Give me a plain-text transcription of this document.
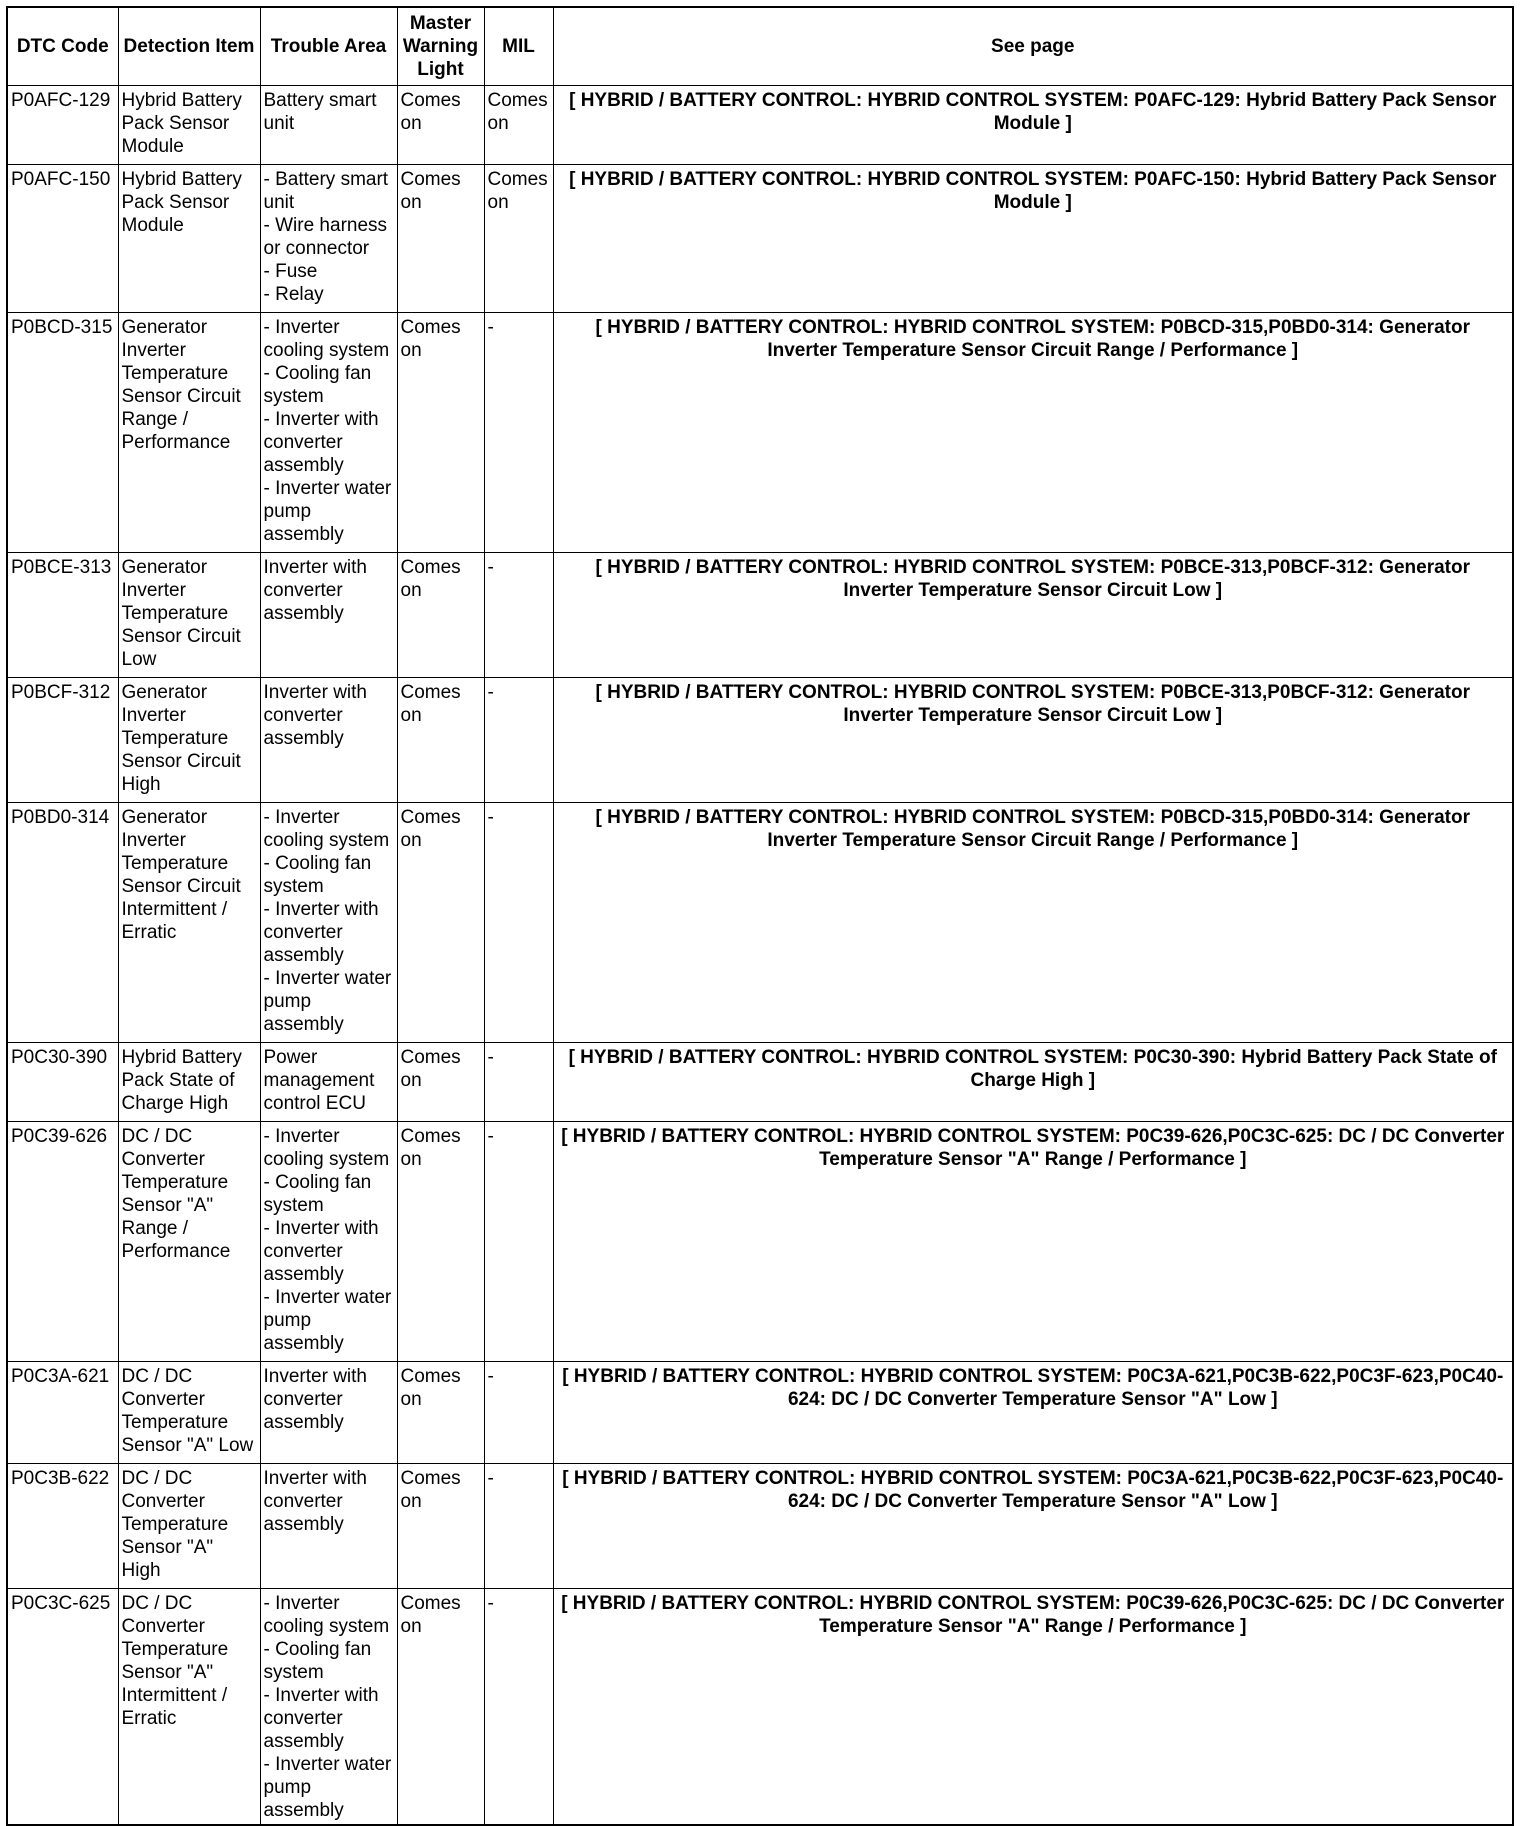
DTC Code	Detection Item	Trouble Area	Master Warning Light	MIL	See page
P0AFC-129	Hybrid Battery Pack Sensor Module	Battery smart unit	Comes on	Comes on	[ HYBRID / BATTERY CONTROL: HYBRID CONTROL SYSTEM: P0AFC-129: Hybrid Battery Pack Sensor Module ]
P0AFC-150	Hybrid Battery Pack Sensor Module	- Battery smart unit
- Wire harness or connector
- Fuse
- Relay	Comes on	Comes on	[ HYBRID / BATTERY CONTROL: HYBRID CONTROL SYSTEM: P0AFC-150: Hybrid Battery Pack Sensor Module ]
P0BCD-315	Generator Inverter Temperature Sensor Circuit Range / Performance	- Inverter cooling system
- Cooling fan system
- Inverter with converter assembly
- Inverter water pump assembly	Comes on	-	[ HYBRID / BATTERY CONTROL: HYBRID CONTROL SYSTEM: P0BCD-315,P0BD0-314: Generator Inverter Temperature Sensor Circuit Range / Performance ]
P0BCE-313	Generator Inverter Temperature Sensor Circuit Low	Inverter with converter assembly	Comes on	-	[ HYBRID / BATTERY CONTROL: HYBRID CONTROL SYSTEM: P0BCE-313,P0BCF-312: Generator Inverter Temperature Sensor Circuit Low ]
P0BCF-312	Generator Inverter Temperature Sensor Circuit High	Inverter with converter assembly	Comes on	-	[ HYBRID / BATTERY CONTROL: HYBRID CONTROL SYSTEM: P0BCE-313,P0BCF-312: Generator Inverter Temperature Sensor Circuit Low ]
P0BD0-314	Generator Inverter Temperature Sensor Circuit Intermittent / Erratic	- Inverter cooling system
- Cooling fan system
- Inverter with converter assembly
- Inverter water pump assembly	Comes on	-	[ HYBRID / BATTERY CONTROL: HYBRID CONTROL SYSTEM: P0BCD-315,P0BD0-314: Generator Inverter Temperature Sensor Circuit Range / Performance ]
P0C30-390	Hybrid Battery Pack State of Charge High	Power management control ECU	Comes on	-	[ HYBRID / BATTERY CONTROL: HYBRID CONTROL SYSTEM: P0C30-390: Hybrid Battery Pack State of Charge High ]
P0C39-626	DC / DC Converter Temperature Sensor "A" Range / Performance	- Inverter cooling system
- Cooling fan system
- Inverter with converter assembly
- Inverter water pump assembly	Comes on	-	[ HYBRID / BATTERY CONTROL: HYBRID CONTROL SYSTEM: P0C39-626,P0C3C-625: DC / DC Converter Temperature Sensor "A" Range / Performance ]
P0C3A-621	DC / DC Converter Temperature Sensor "A" Low	Inverter with converter assembly	Comes on	-	[ HYBRID / BATTERY CONTROL: HYBRID CONTROL SYSTEM: P0C3A-621,P0C3B-622,P0C3F-623,P0C40-624: DC / DC Converter Temperature Sensor "A" Low ]
P0C3B-622	DC / DC Converter Temperature Sensor "A" High	Inverter with converter assembly	Comes on	-	[ HYBRID / BATTERY CONTROL: HYBRID CONTROL SYSTEM: P0C3A-621,P0C3B-622,P0C3F-623,P0C40-624: DC / DC Converter Temperature Sensor "A" Low ]
P0C3C-625	DC / DC Converter Temperature Sensor "A" Intermittent / Erratic	- Inverter cooling system
- Cooling fan system
- Inverter with converter assembly
- Inverter water pump assembly	Comes on	-	[ HYBRID / BATTERY CONTROL: HYBRID CONTROL SYSTEM: P0C39-626,P0C3C-625: DC / DC Converter Temperature Sensor "A" Range / Performance ]
